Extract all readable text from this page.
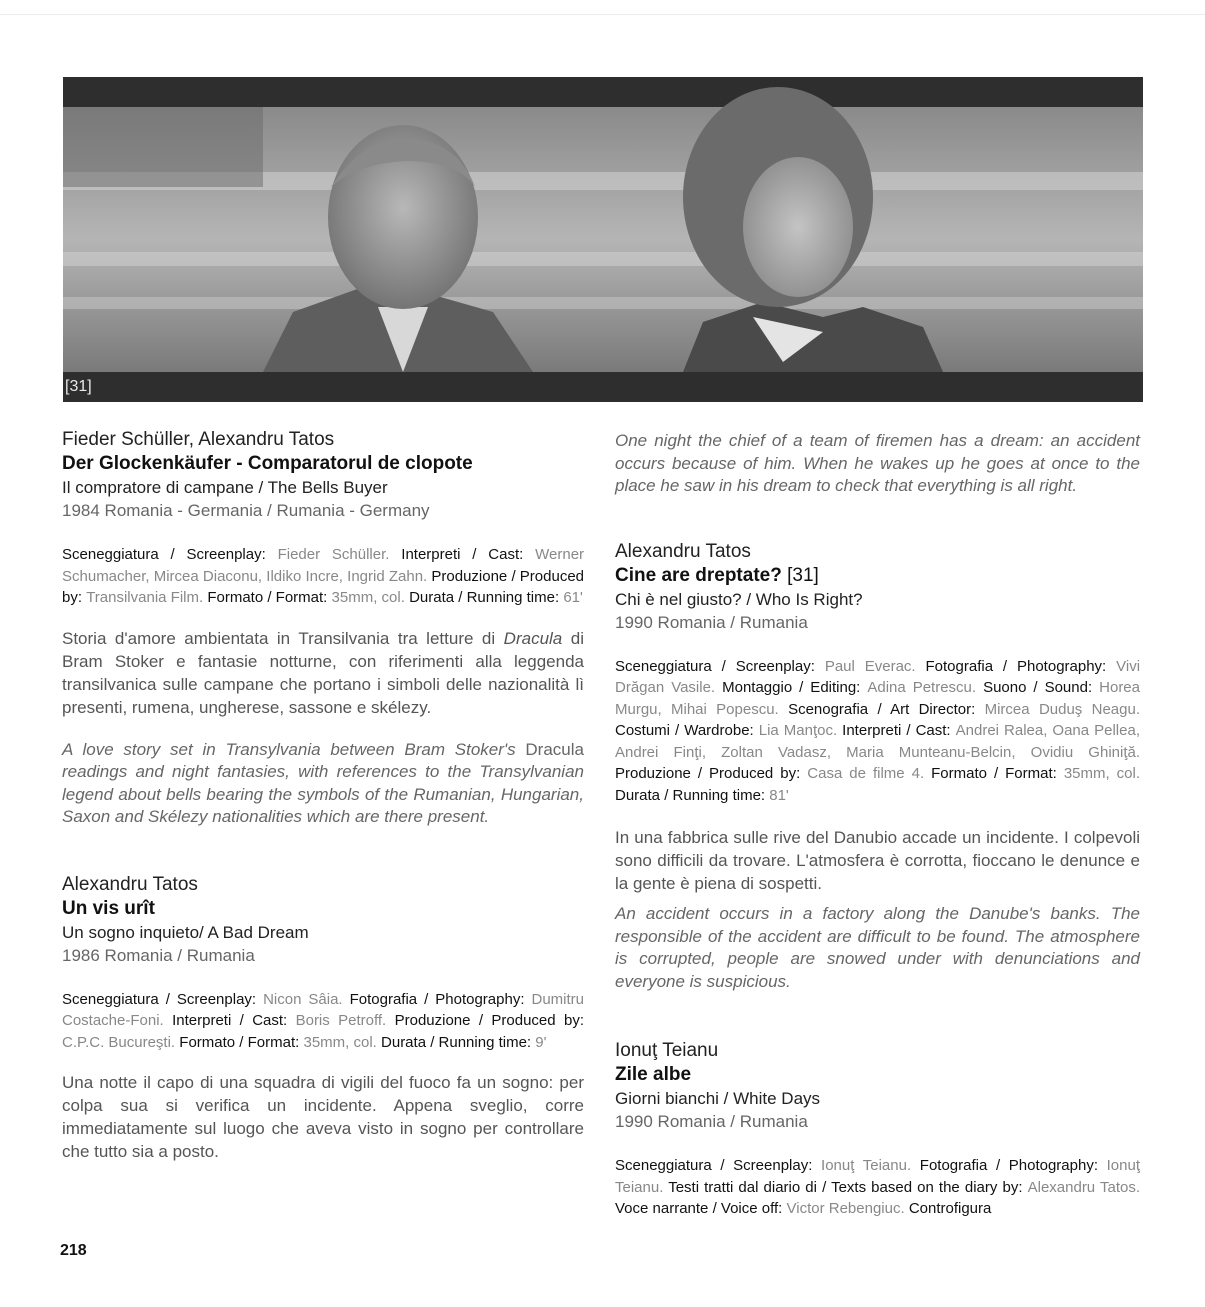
[31]
Fieder Schüller, Alexandru Tatos
Der Glockenkäufer - Comparatorul de clopote
Il compratore di campane / The Bells Buyer
1984 Romania - Germania / Rumania - Germany
Sceneggiatura / Screenplay: Fieder Schüller. Interpreti / Cast: Werner Schumacher, Mircea Diaconu, Ildiko Incre, Ingrid Zahn. Produzione / Produced by: Transilvania Film. Formato / Format: 35mm, col. Durata / Running time: 61'
Storia d'amore ambientata in Transilvania tra letture di Dracula di Bram Stoker e fantasie notturne, con riferimenti alla leggenda transilvanica sulle campane che portano i simboli delle nazionalità lì presenti, rumena, ungherese, sassone e skélezy.
A love story set in Transylvania between Bram Stoker's Dracula readings and night fantasies, with references to the Transylvanian legend about bells bearing the symbols of the Rumanian, Hungarian, Saxon and Skélezy nationalities which are there present.
Alexandru Tatos
Un vis urît
Un sogno inquieto/ A Bad Dream
1986 Romania / Rumania
Sceneggiatura / Screenplay: Nicon Sâia. Fotografia / Photography: Dumitru Costache-Foni. Interpreti / Cast: Boris Petroff. Produzione / Produced by: C.P.C. Bucureşti. Formato / Format: 35mm, col. Durata / Running time: 9'
Una notte il capo di una squadra di vigili del fuoco fa un sogno: per colpa sua si verifica un incidente. Appena sveglio, corre immediatamente sul luogo che aveva visto in sogno per controllare che tutto sia a posto.
One night the chief of a team of firemen has a dream: an accident occurs because of him. When he wakes up he goes at once to the place he saw in his dream to check that everything is all right.
Alexandru Tatos
Cine are dreptate? [31]
Chi è nel giusto? / Who Is Right?
1990 Romania / Rumania
Sceneggiatura / Screenplay: Paul Everac. Fotografia / Photography: Vivi Drăgan Vasile. Montaggio / Editing: Adina Petrescu. Suono / Sound: Horea Murgu, Mihai Popescu. Scenografia / Art Director: Mircea Duduş Neagu. Costumi / Wardrobe: Lia Manţoc. Interpreti / Cast: Andrei Ralea, Oana Pellea, Andrei Finţi, Zoltan Vadasz, Maria Munteanu-Belcin, Ovidiu Ghiniţă. Produzione / Produced by: Casa de filme 4. Formato / Format: 35mm, col. Durata / Running time: 81'
In una fabbrica sulle rive del Danubio accade un incidente. I colpevoli sono difficili da trovare. L'atmosfera è corrotta, fioccano le denunce e la gente è piena di sospetti.
An accident occurs in a factory along the Danube's banks. The responsible of the accident are difficult to be found. The atmosphere is corrupted, people are snowed under with denunciations and everyone is suspicious.
Ionuţ Teianu
Zile albe
Giorni bianchi / White Days
1990 Romania / Rumania
Sceneggiatura / Screenplay: Ionuţ Teianu. Fotografia / Photography: Ionuţ Teianu. Testi tratti dal diario di / Texts based on the diary by: Alexandru Tatos. Voce narrante / Voice off: Victor Rebengiuc. Controfigura
218
